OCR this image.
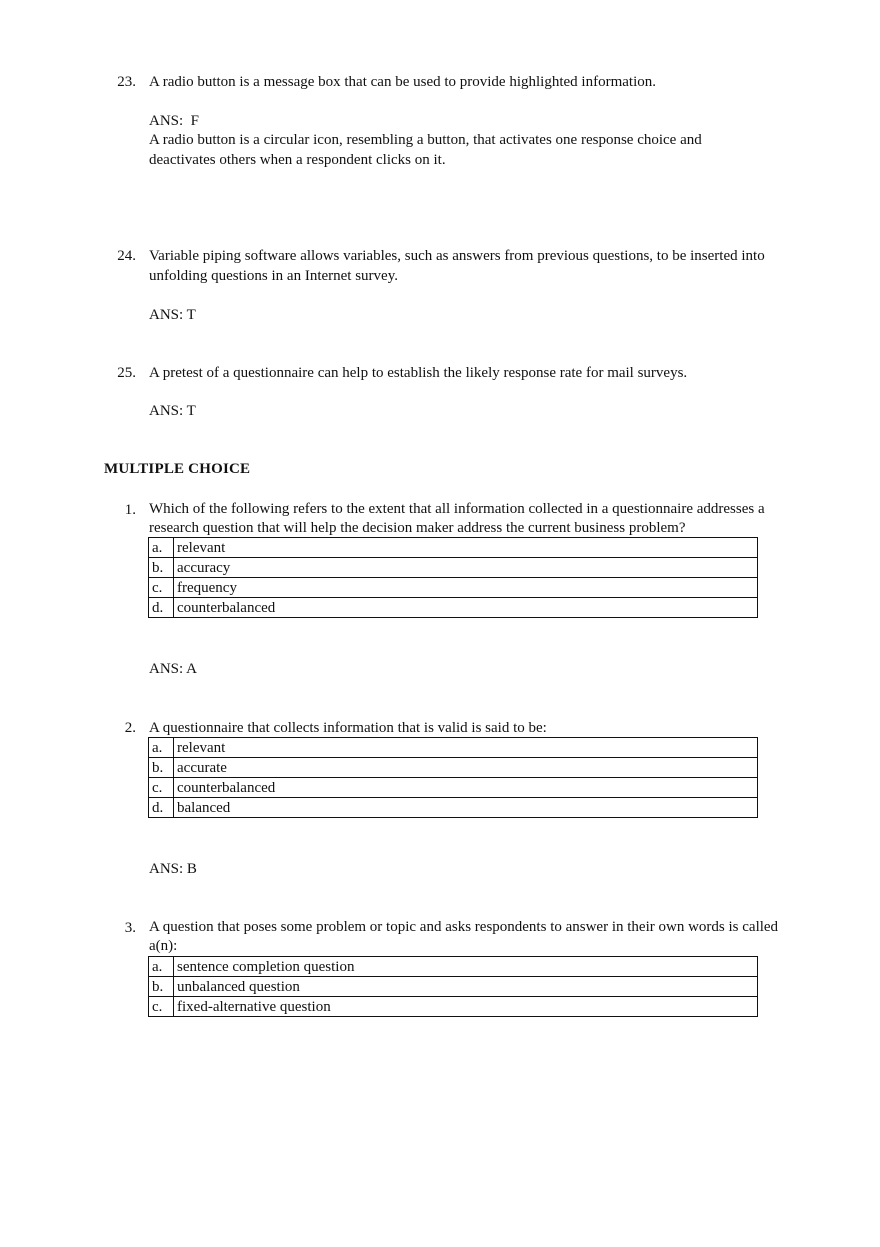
23. A radio button is a message box that can be used to provide highlighted information.
ANS:  F
A radio button is a circular icon, resembling a button, that activates one response choice and deactivates others when a respondent clicks on it.
24. Variable piping software allows variables, such as answers from previous questions, to be inserted into unfolding questions in an Internet survey.
ANS: T
25. A pretest of a questionnaire can help to establish the likely response rate for mail surveys.
ANS: T
MULTIPLE CHOICE
1. Which of the following refers to the extent that all information collected in a questionnaire addresses a research question that will help the decision maker address the current business problem?
a.	relevant
b.	accuracy
c.	frequency
d.	counterbalanced
ANS: A
2. A questionnaire that collects information that is valid is said to be:
a.	relevant
b.	accurate
c.	counterbalanced
d.	balanced
ANS: B
3. A question that poses some problem or topic and asks respondents to answer in their own words is called a(n):
a.	sentence completion question
b.	unbalanced question
c.	fixed-alternative question
